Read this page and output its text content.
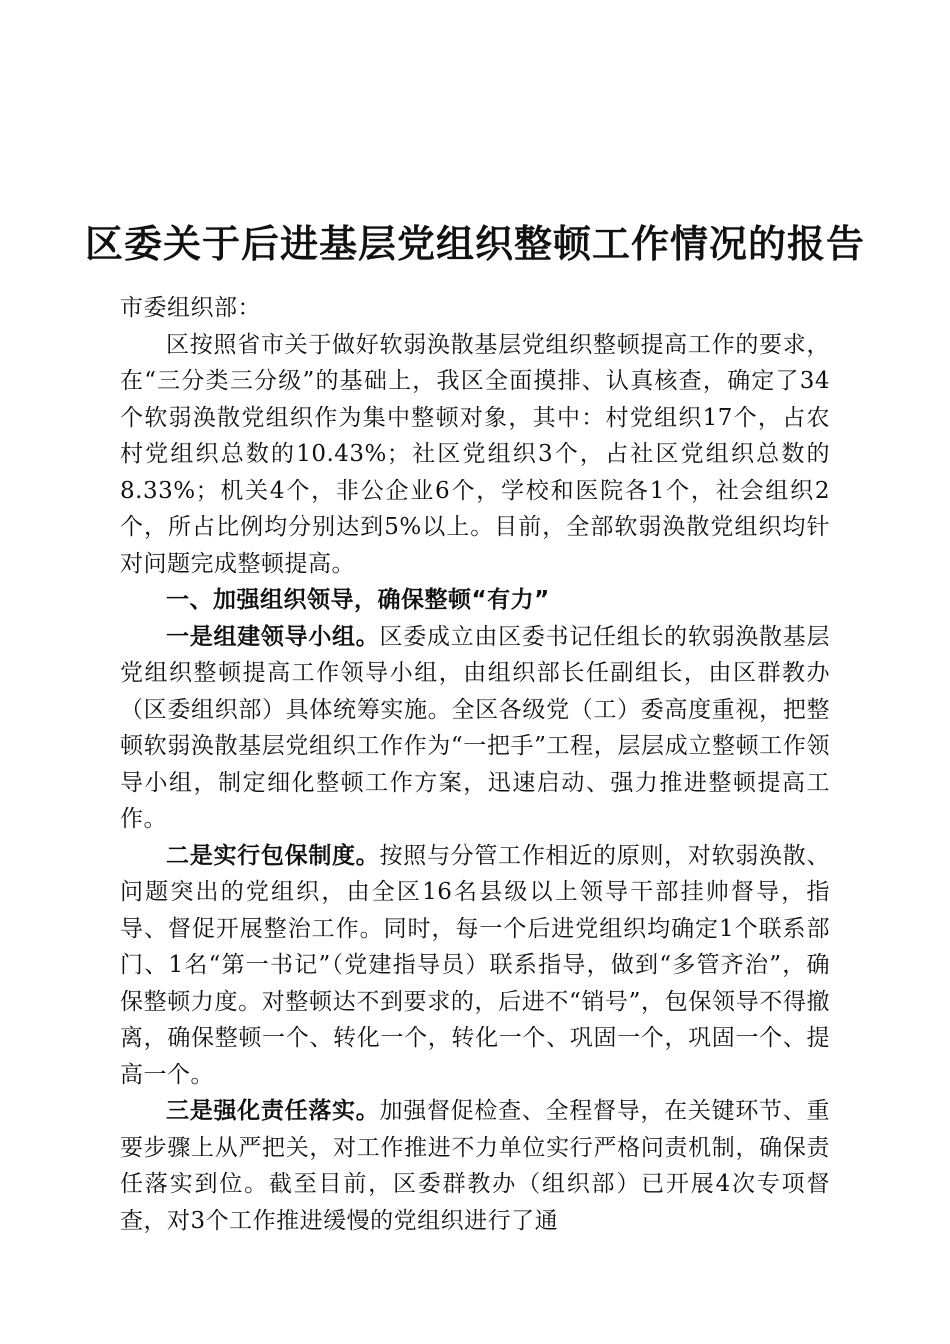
区委关于后进基层党组织整顿工作情况的报告

市委组织部：

区按照省市关于做好软弱涣散基层党组织整顿提高工作的要求，在“三分类三分级”的基础上，我区全面摸排、认真核查，确定了34个软弱涣散党组织作为集中整顿对象，其中：村党组织17个，占农村党组织总数的10.43%；社区党组织3个，占社区党组织总数的8.33%；机关4个，非公企业6个，学校和医院各1个，社会组织2个，所占比例均分别达到5%以上。目前，全部软弱涣散党组织均针对问题完成整顿提高。

一、加强组织领导，确保整顿“有力”

一是组建领导小组。区委成立由区委书记任组长的软弱涣散基层党组织整顿提高工作领导小组，由组织部长任副组长，由区群教办（区委组织部）具体统筹实施。全区各级党（工）委高度重视，把整顿软弱涣散基层党组织工作作为“一把手”工程，层层成立整顿工作领导小组，制定细化整顿工作方案，迅速启动、强力推进整顿提高工作。

二是实行包保制度。按照与分管工作相近的原则，对软弱涣散、问题突出的党组织，由全区16名县级以上领导干部挂帅督导，指导、督促开展整治工作。同时，每一个后进党组织均确定1个联系部门、1名“第一书记”（党建指导员）联系指导，做到“多管齐治”，确保整顿力度。对整顿达不到要求的，后进不“销号”，包保领导不得撤离，确保整顿一个、转化一个，转化一个、巩固一个，巩固一个、提高一个。

三是强化责任落实。加强督促检查、全程督导，在关键环节、重要步骤上从严把关，对工作推进不力单位实行严格问责机制，确保责任落实到位。截至目前，区委群教办（组织部）已开展4次专项督查，对3个工作推进缓慢的党组织进行了通
